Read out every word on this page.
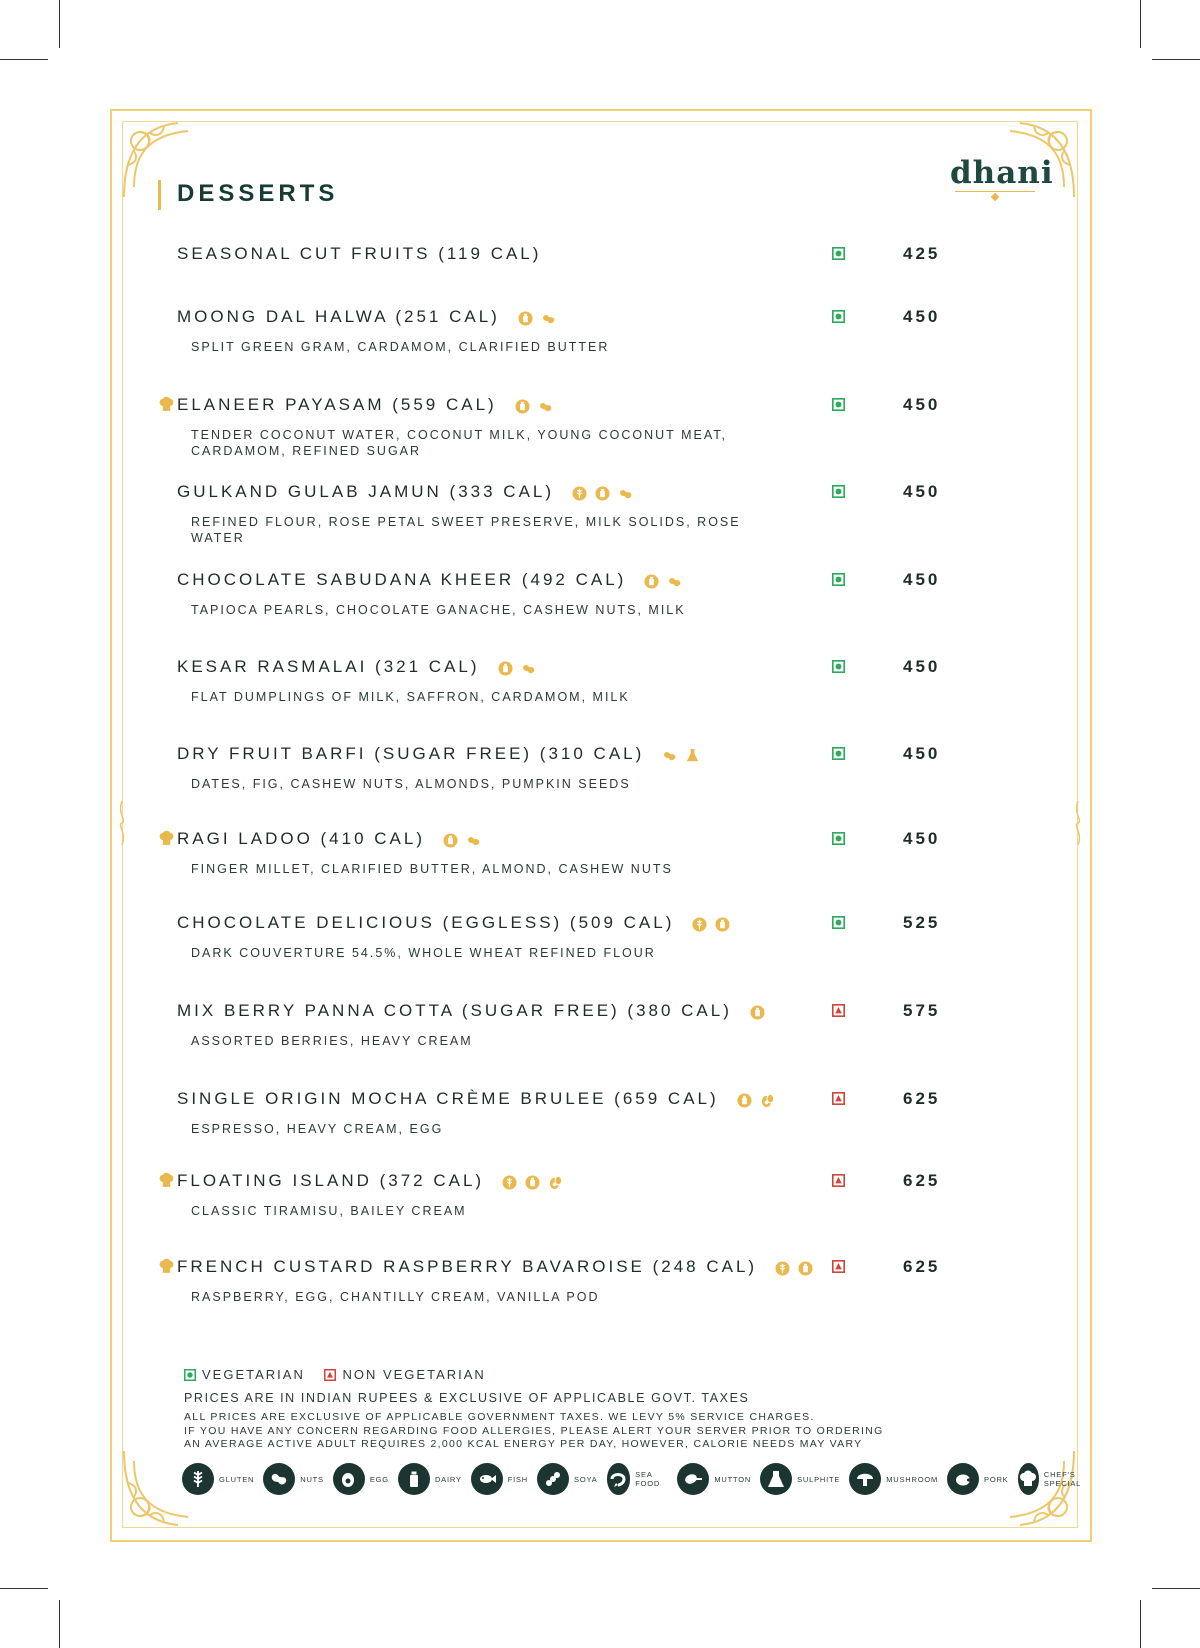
DESSERTS
dhani
SEASONAL CUT FRUITS (119 CAL)	425
MOONG DAL HALWA (251 CAL)	450
SPLIT GREEN GRAM, CARDAMOM, CLARIFIED BUTTER
ELANEER PAYASAM (559 CAL)	450
TENDER COCONUT WATER, COCONUT MILK, YOUNG COCONUT MEAT, CARDAMOM, REFINED SUGAR
GULKAND GULAB JAMUN (333 CAL)	450
REFINED FLOUR, ROSE PETAL SWEET PRESERVE, MILK SOLIDS, ROSE WATER
CHOCOLATE SABUDANA KHEER (492 CAL)	450
TAPIOCA PEARLS, CHOCOLATE GANACHE, CASHEW NUTS, MILK
KESAR RASMALAI (321 CAL)	450
FLAT DUMPLINGS OF MILK, SAFFRON, CARDAMOM, MILK
DRY FRUIT BARFI (SUGAR FREE) (310 CAL)	450
DATES, FIG, CASHEW NUTS, ALMONDS, PUMPKIN SEEDS
RAGI LADOO (410 CAL)	450
FINGER MILLET, CLARIFIED BUTTER, ALMOND, CASHEW NUTS
CHOCOLATE DELICIOUS (EGGLESS) (509 CAL)	525
DARK COUVERTURE 54.5%, WHOLE WHEAT REFINED FLOUR
MIX BERRY PANNA COTTA (SUGAR FREE) (380 CAL)	575
ASSORTED BERRIES, HEAVY CREAM
SINGLE ORIGIN MOCHA CRÈME BRULEE (659 CAL)	625
ESPRESSO, HEAVY CREAM, EGG
FLOATING ISLAND (372 CAL)	625
CLASSIC TIRAMISU, BAILEY CREAM
FRENCH CUSTARD RASPBERRY BAVAROISE (248 CAL)	625
RASPBERRY, EGG, CHANTILLY CREAM, VANILLA POD
VEGETARIAN	NON VEGETARIAN
PRICES ARE IN INDIAN RUPEES & EXCLUSIVE OF APPLICABLE GOVT. TAXES
ALL PRICES ARE EXCLUSIVE OF APPLICABLE GOVERNMENT TAXES. WE LEVY 5% SERVICE CHARGES.
IF YOU HAVE ANY CONCERN REGARDING FOOD ALLERGIES, PLEASE ALERT YOUR SERVER PRIOR TO ORDERING
AN AVERAGE ACTIVE ADULT REQUIRES 2,000 KCAL ENERGY PER DAY, HOWEVER, CALORIE NEEDS MAY VARY
GLUTEN	NUTS	EGG	DAIRY	FISH	SOYA	SEA FOOD	MUTTON	SULPHITE	MUSHROOM	PORK	CHEF'S SPECIAL
